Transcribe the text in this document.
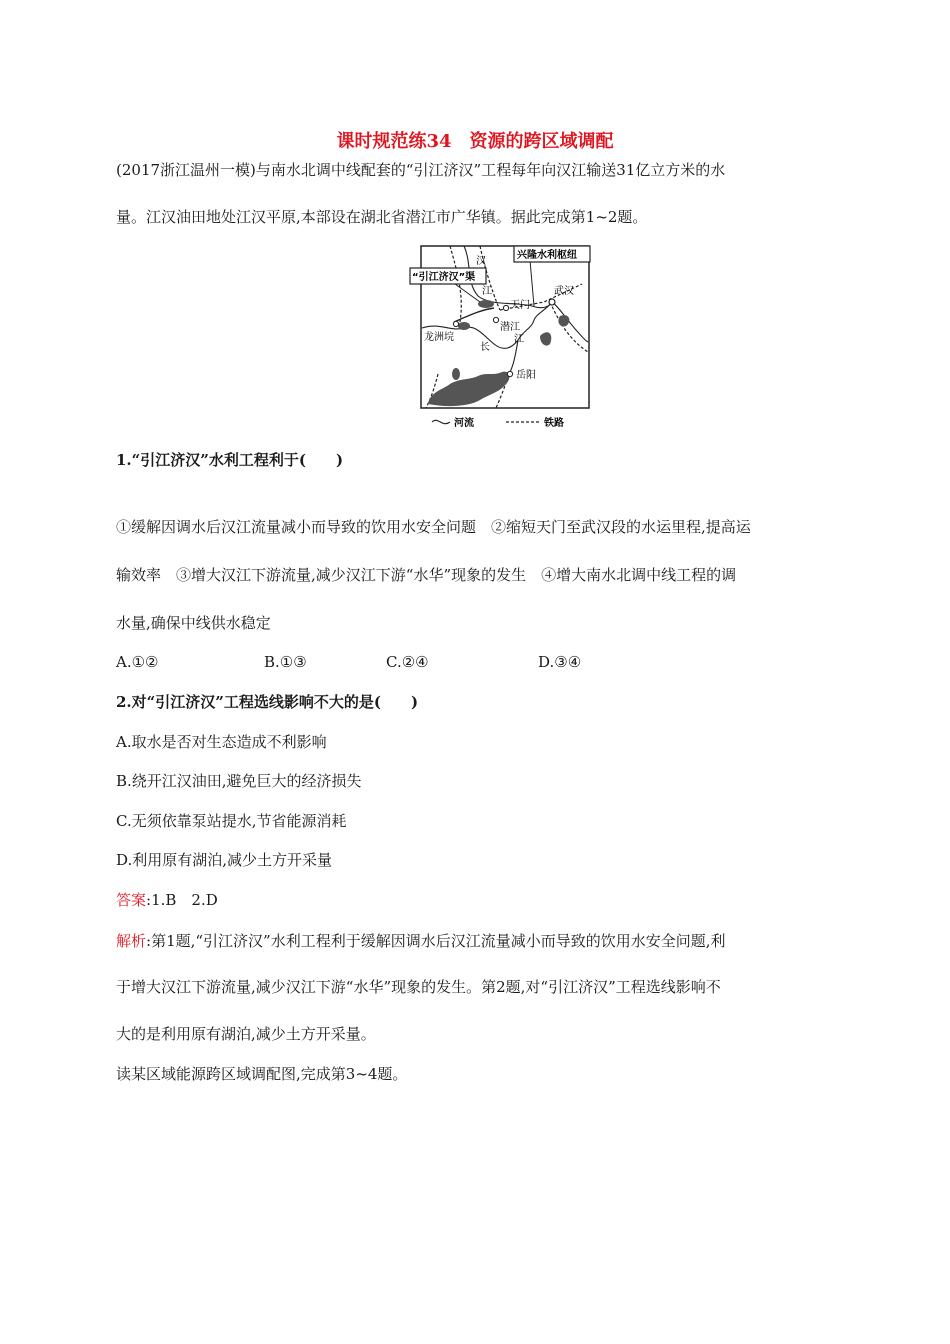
课时规范练34　资源的跨区域调配
(2017浙江温州一模)与南水北调中线配套的“引江济汉”工程每年向汉江输送31亿立方米的水
量。江汉油田地处江汉平原,本部设在湖北省潜江市广华镇。据此完成第1~2题。
汉
江
天门
潜江
江
龙洲垸
长
武汉
岳阳
“引江济汉”渠
兴隆水利枢纽
河流	铁路
1.“引江济汉”水利工程利于(　　)
①缓解因调水后汉江流量减小而导致的饮用水安全问题　②缩短天门至武汉段的水运里程,提高运
输效率　③增大汉江下游流量,减少汉江下游“水华”现象的发生　④增大南水北调中线工程的调
水量,确保中线供水稳定
A.①②	B.①③	C.②④	D.③④
2.对“引江济汉”工程选线影响不大的是(　　)
A.取水是否对生态造成不利影响
B.绕开江汉油田,避免巨大的经济损失
C.无须依靠泵站提水,节省能源消耗
D.利用原有湖泊,减少土方开采量
答案:1.B　2.D
解析:第1题,“引江济汉”水利工程利于缓解因调水后汉江流量减小而导致的饮用水安全问题,利
于增大汉江下游流量,减少汉江下游“水华”现象的发生。第2题,对“引江济汉”工程选线影响不
大的是利用原有湖泊,减少土方开采量。
读某区域能源跨区域调配图,完成第3~4题。
